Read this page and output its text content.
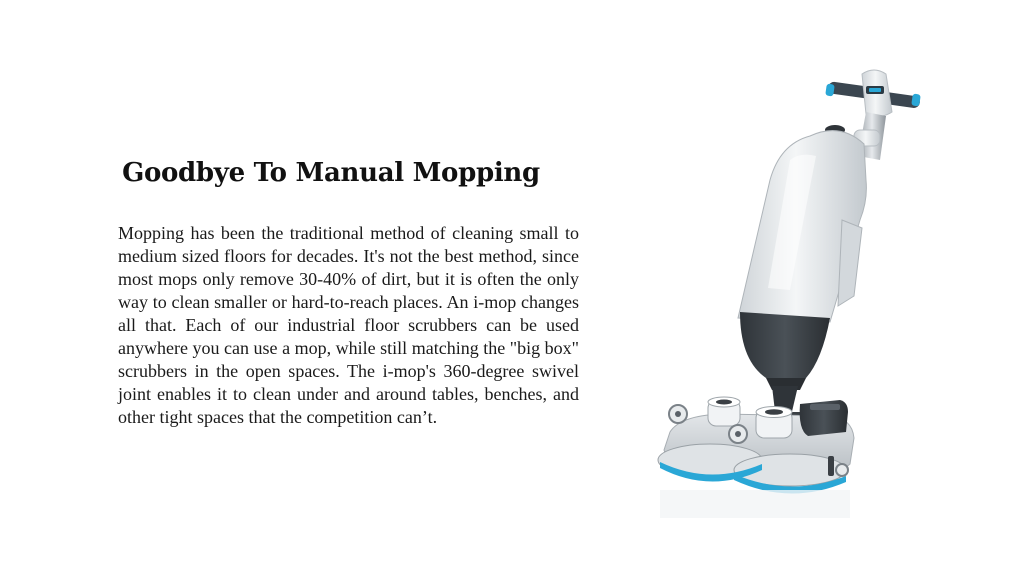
Goodbye To Manual Mopping

Mopping has been the traditional method of cleaning small to medium sized floors for decades. It's not the best method, since most mops only remove 30-40% of dirt, but it is often the only way to clean smaller or hard-to-reach places. An i-mop changes all that. Each of our industrial floor scrubbers can be used anywhere you can use a mop, while still matching the "big box" scrubbers in the open spaces. The i-mop's 360-degree swivel joint enables it to clean under and around tables, benches, and other tight spaces that the competition can’t.
